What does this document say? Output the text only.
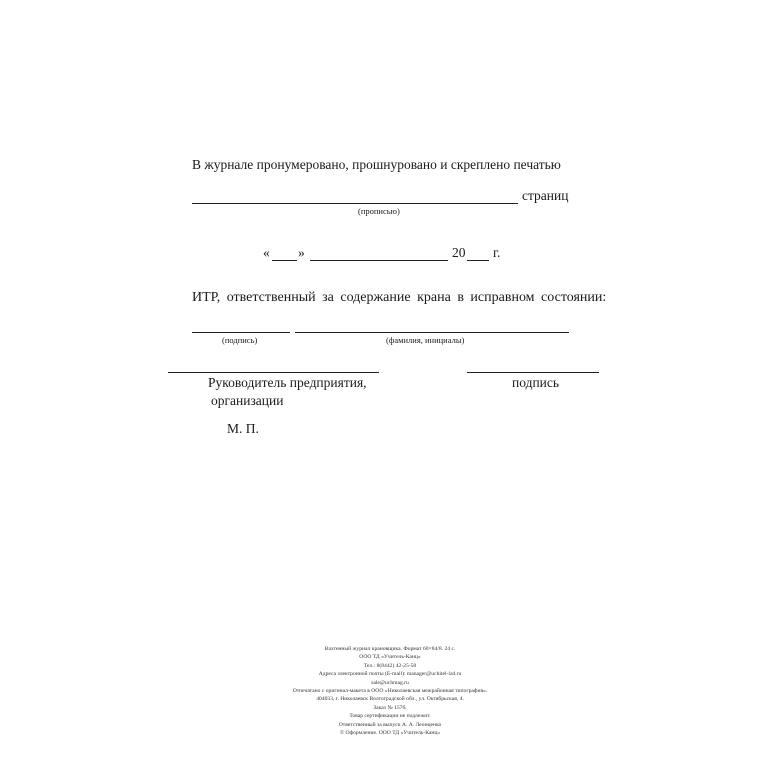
В журнале пронумеровано, прошнуровано и скреплено печатью
страниц
(прописью)
« »	20 г.
ИТР, ответственный за содержание крана в исправном состоянии:
(подпись)	(фамилия, инициалы)
Руководитель предприятия,
организации
подпись
М. П.
Вахтенный журнал крановщика. Формат 60×84/8. 24 с.
ООО ТД «Учитель-Канц»
Тел.: 8(8442) 42-25-58
Адреса электронной почты (E-mail): manager@uchitel-izd.ru
sale@uchmag.ru
Отпечатано с оригинал-макета в ООО «Николаевская межрайонная типография».
404033, г. Николаевск Волгоградской обл., ул. Октябрьская, 4.
Заказ № 1576.
Товар сертификации не подлежит.
Ответственный за выпуск А. А. Леонценко
© Оформление. ООО ТД «Учитель-Канц»
